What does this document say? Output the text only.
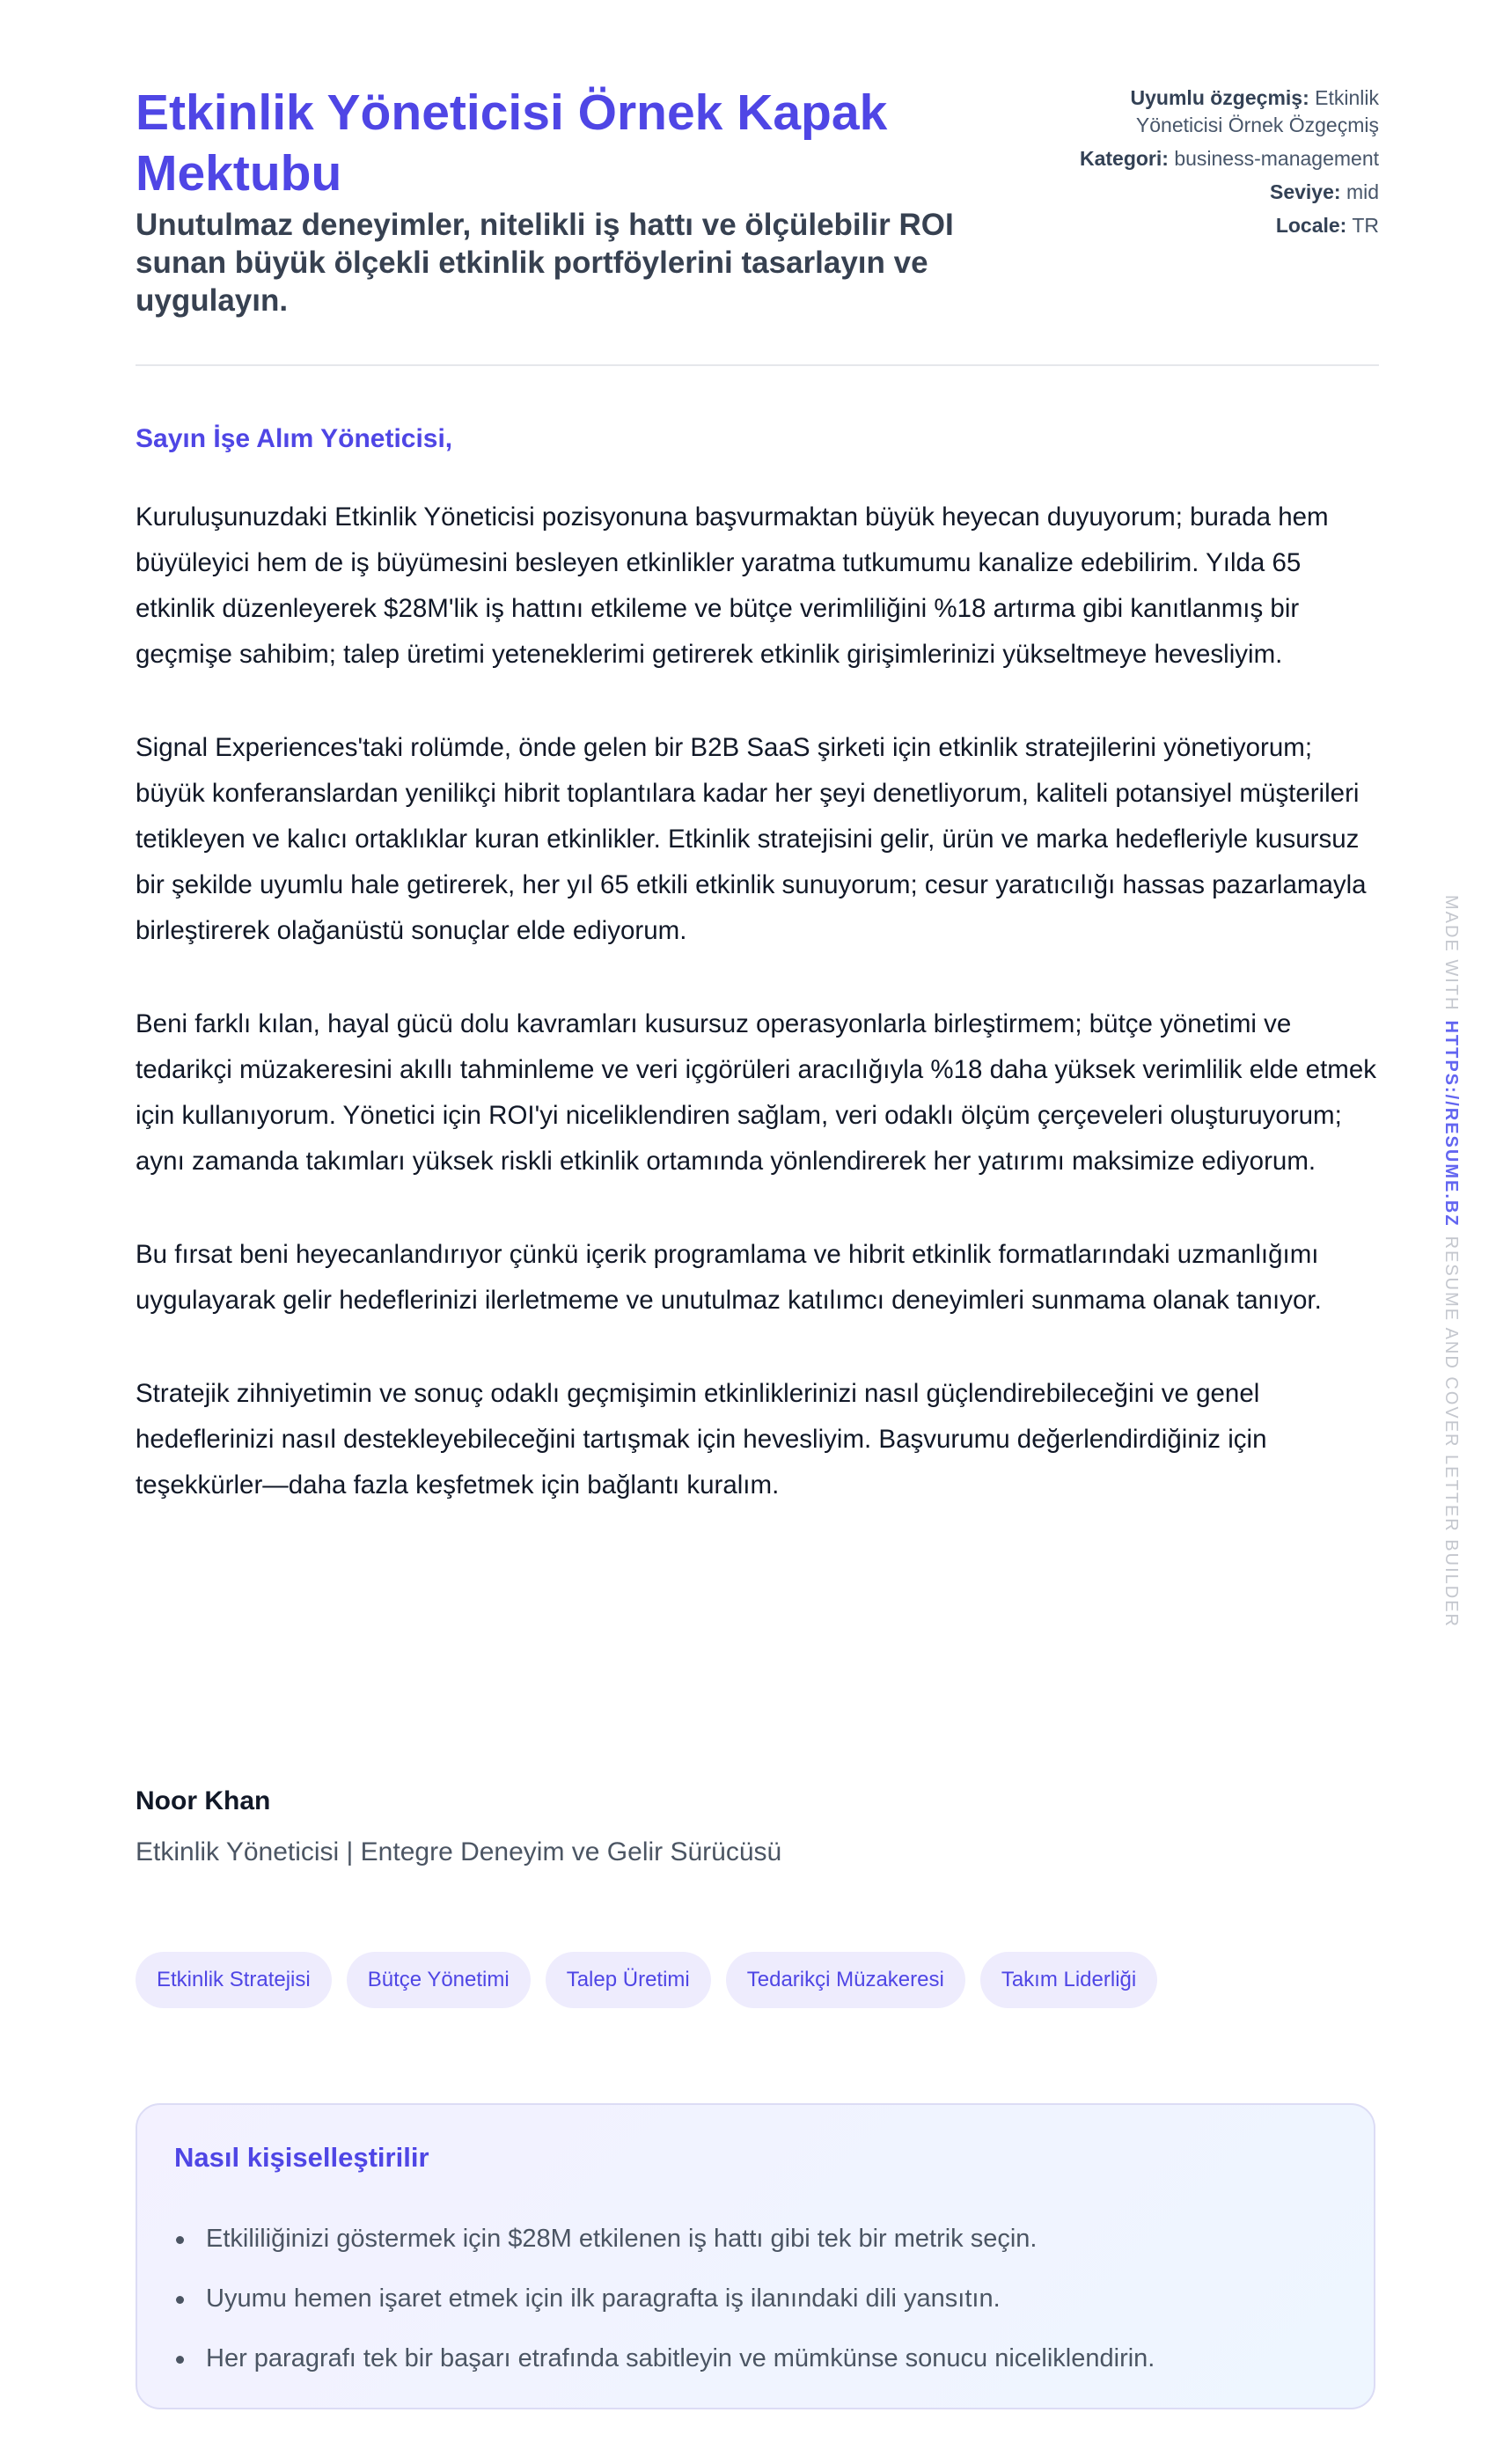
Etkinlik Yöneticisi Örnek Kapak Mektubu

Unutulmaz deneyimler, nitelikli iş hattı ve ölçülebilir ROI sunan büyük ölçekli etkinlik portföylerini tasarlayın ve uygulayın.

Uyumlu özgeçmiş: Etkinlik Yöneticisi Örnek Özgeçmiş
Kategori: business-management
Seviye: mid
Locale: TR

Sayın İşe Alım Yöneticisi,

Kuruluşunuzdaki Etkinlik Yöneticisi pozisyonuna başvurmaktan büyük heyecan duyuyorum; burada hem büyüleyici hem de iş büyümesini besleyen etkinlikler yaratma tutkumumu kanalize edebilirim. Yılda 65 etkinlik düzenleyerek $28M'lik iş hattını etkileme ve bütçe verimliliğini %18 artırma gibi kanıtlanmış bir geçmişe sahibim; talep üretimi yeteneklerimi getirerek etkinlik girişimlerinizi yükseltmeye hevesliyim.

Signal Experiences'taki rolümde, önde gelen bir B2B SaaS şirketi için etkinlik stratejilerini yönetiyorum; büyük konferanslardan yenilikçi hibrit toplantılara kadar her şeyi denetliyorum, kaliteli potansiyel müşterileri tetikleyen ve kalıcı ortaklıklar kuran etkinlikler. Etkinlik stratejisini gelir, ürün ve marka hedefleriyle kusursuz bir şekilde uyumlu hale getirerek, her yıl 65 etkili etkinlik sunuyorum; cesur yaratıcılığı hassas pazarlamayla birleştirerek olağanüstü sonuçlar elde ediyorum.

Beni farklı kılan, hayal gücü dolu kavramları kusursuz operasyonlarla birleştirmem; bütçe yönetimi ve tedarikçi müzakeresini akıllı tahminleme ve veri içgörüleri aracılığıyla %18 daha yüksek verimlilik elde etmek için kullanıyorum. Yönetici için ROI'yi niceliklendiren sağlam, veri odaklı ölçüm çerçeveleri oluşturuyorum; aynı zamanda takımları yüksek riskli etkinlik ortamında yönlendirerek her yatırımı maksimize ediyorum.

Bu fırsat beni heyecanlandırıyor çünkü içerik programlama ve hibrit etkinlik formatlarındaki uzmanlığımı uygulayarak gelir hedeflerinizi ilerletmeme ve unutulmaz katılımcı deneyimleri sunmama olanak tanıyor.

Stratejik zihniyetimin ve sonuç odaklı geçmişimin etkinliklerinizi nasıl güçlendirebileceğini ve genel hedeflerinizi nasıl destekleyebileceğini tartışmak için hevesliyim. Başvurumu değerlendirdiğiniz için teşekkürler—daha fazla keşfetmek için bağlantı kuralım.

Noor Khan
Etkinlik Yöneticisi | Entegre Deneyim ve Gelir Sürücüsü
Etkinlik Stratejisi	Bütçe Yönetimi	Talep Üretimi	Tedarikçi Müzakeresi	Takım Liderliği
Nasıl kişiselleştirilir
Etkililiğinizi göstermek için $28M etkilenen iş hattı gibi tek bir metrik seçin.
Uyumu hemen işaret etmek için ilk paragrafta iş ilanındaki dili yansıtın.
Her paragrafı tek bir başarı etrafında sabitleyin ve mümkünse sonucu niceliklendirin.
MADE WITHHTTPS://RESUME.BZRESUME AND COVER LETTER BUILDER
